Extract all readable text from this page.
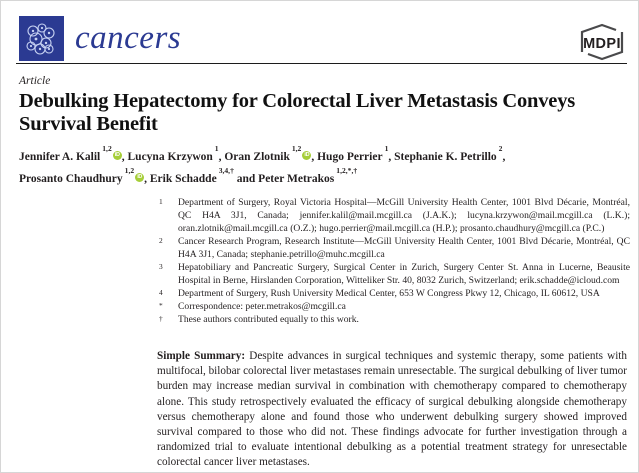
cancers	MDPI
Article
Debulking Hepatectomy for Colorectal Liver Metastasis Conveys
Survival Benefit
Jennifer A. Kalil$^{1,2}$iD , Lucyna Krzywon$^1$, Oran Zlotnik$^{1,2}$iD , Hugo Perrier$^1$, Stephanie K. Petrillo$^2$,
Prosanto Chaudhury$^{1,2}$iD , Erik Schadde$^{3,4,\dagger}$ and Peter Metrakos$^{1,2,*,\dagger}$
1	Department of Surgery, Royal Victoria Hospital—McGill University Health Center, 1001 Blvd Décarie, Montréal, QC H4A 3J1, Canada; jennifer.kalil@mail.mcgill.ca (J.A.K.); lucyna.krzywon@mail.mcgill.ca (L.K.); oran.zlotnik@mail.mcgill.ca (O.Z.); hugo.perrier@mail.mcgill.ca (H.P.); prosanto.chaudhury@mcgill.ca (P.C.)
2	Cancer Research Program, Research Institute—McGill University Health Center, 1001 Blvd Décarie, Montréal, QC H4A 3J1, Canada; stephanie.petrillo@muhc.mcgill.ca
3	Hepatobiliary and Pancreatic Surgery, Surgical Center in Zurich, Surgery Center St. Anna in Lucerne, Beausite Hospital in Berne, Hirslanden Corporation, Witteliker Str. 40, 8032 Zurich, Switzerland; erik.schadde@icloud.com
4	Department of Surgery, Rush University Medical Center, 653 W Congress Pkwy 12, Chicago, IL 60612, USA
*	Correspondence: peter.metrakos@mcgill.ca
†	These authors contributed equally to this work.

Simple Summary: Despite advances in surgical techniques and systemic therapy, some patients with multifocal, bilobar colorectal liver metastases remain unresectable. The surgical debulking of liver tumor burden may increase median survival in combination with chemotherapy compared to chemotherapy alone. This study retrospectively evaluated the efficacy of surgical debulking alongside chemotherapy versus chemotherapy alone and found those who underwent debulking surgery showed improved survival compared to those who did not. These findings advocate for further investigation through a randomized trial to evaluate intentional debulking as a potential treatment strategy for unresectable colorectal cancer liver metastases.
